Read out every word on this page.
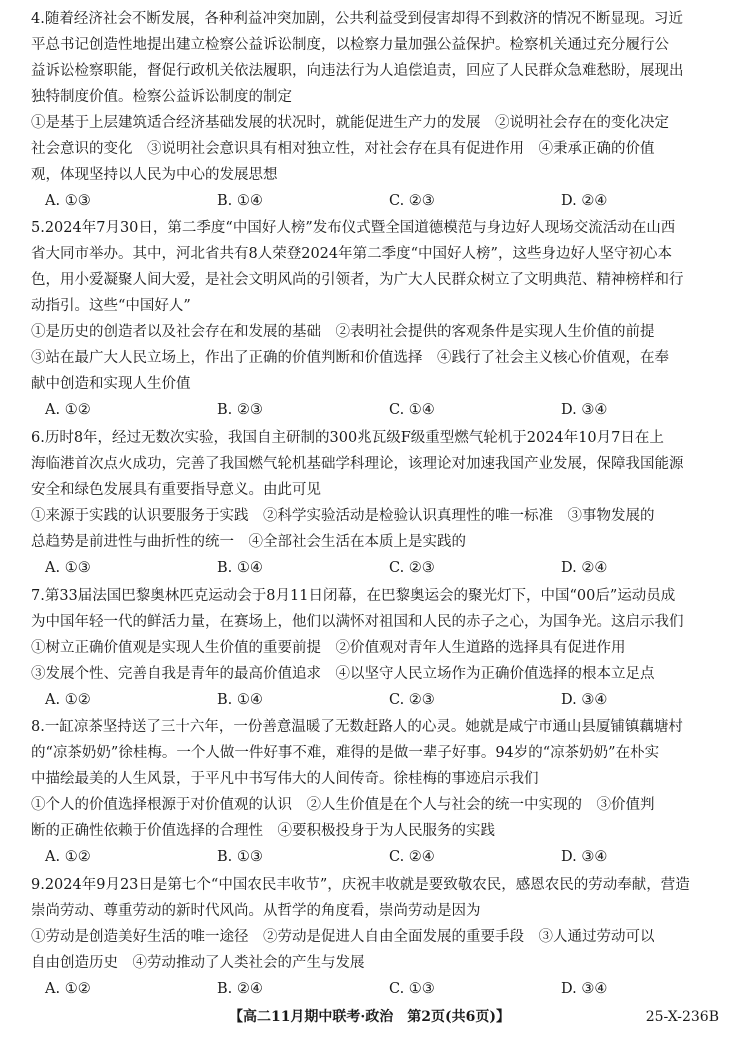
4.随着经济社会不断发展，各种利益冲突加剧，公共利益受到侵害却得不到救济的情况不断显现。习近
平总书记创造性地提出建立检察公益诉讼制度，以检察力量加强公益保护。检察机关通过充分履行公
益诉讼检察职能，督促行政机关依法履职，向违法行为人追偿追责，回应了人民群众急难愁盼，展现出
独特制度价值。检察公益诉讼制度的制定
①是基于上层建筑适合经济基础发展的状况时，就能促进生产力的发展　②说明社会存在的变化决定
社会意识的变化　③说明社会意识具有相对独立性，对社会存在具有促进作用　④秉承正确的价值
观，体现坚持以人民为中心的发展思想
A. ①③	B. ①④	C. ②③	D. ②④
5.2024年7月30日，第二季度“中国好人榜”发布仪式暨全国道德模范与身边好人现场交流活动在山西
省大同市举办。其中，河北省共有8人荣登2024年第二季度“中国好人榜”，这些身边好人坚守初心本
色，用小爱凝聚人间大爱，是社会文明风尚的引领者，为广大人民群众树立了文明典范、精神榜样和行
动指引。这些“中国好人”
①是历史的创造者以及社会存在和发展的基础　②表明社会提供的客观条件是实现人生价值的前提
③站在最广大人民立场上，作出了正确的价值判断和价值选择　④践行了社会主义核心价值观，在奉
献中创造和实现人生价值
A. ①②	B. ②③	C. ①④	D. ③④
6.历时8年，经过无数次实验，我国自主研制的300兆瓦级F级重型燃气轮机于2024年10月7日在上
海临港首次点火成功，完善了我国燃气轮机基础学科理论，该理论对加速我国产业发展，保障我国能源
安全和绿色发展具有重要指导意义。由此可见
①来源于实践的认识要服务于实践　②科学实验活动是检验认识真理性的唯一标准　③事物发展的
总趋势是前进性与曲折性的统一　④全部社会生活在本质上是实践的
A. ①③	B. ①④	C. ②③	D. ②④
7.第33届法国巴黎奥林匹克运动会于8月11日闭幕，在巴黎奥运会的聚光灯下，中国“00后”运动员成
为中国年轻一代的鲜活力量，在赛场上，他们以满怀对祖国和人民的赤子之心，为国争光。这启示我们
①树立正确价值观是实现人生价值的重要前提　②价值观对青年人生道路的选择具有促进作用
③发展个性、完善自我是青年的最高价值追求　④以坚守人民立场作为正确价值选择的根本立足点
A. ①②	B. ①④	C. ②③	D. ③④
8.一缸凉茶坚持送了三十六年，一份善意温暖了无数赶路人的心灵。她就是咸宁市通山县厦铺镇藕塘村
的“凉茶奶奶”徐桂梅。一个人做一件好事不难，难得的是做一辈子好事。94岁的“凉茶奶奶”在朴实
中描绘最美的人生风景，于平凡中书写伟大的人间传奇。徐桂梅的事迹启示我们
①个人的价值选择根源于对价值观的认识　②人生价值是在个人与社会的统一中实现的　③价值判
断的正确性依赖于价值选择的合理性　④要积极投身于为人民服务的实践
A. ①②	B. ①③	C. ②④	D. ③④
9.2024年9月23日是第七个“中国农民丰收节”，庆祝丰收就是要致敬农民，感恩农民的劳动奉献，营造
崇尚劳动、尊重劳动的新时代风尚。从哲学的角度看，崇尚劳动是因为
①劳动是创造美好生活的唯一途径　②劳动是促进人自由全面发展的重要手段　③人通过劳动可以
自由创造历史　④劳动推动了人类社会的产生与发展
A. ①②	B. ②④	C. ①③	D. ③④
【高二11月期中联考·政治　第2页(共6页)】	25-X-236B
